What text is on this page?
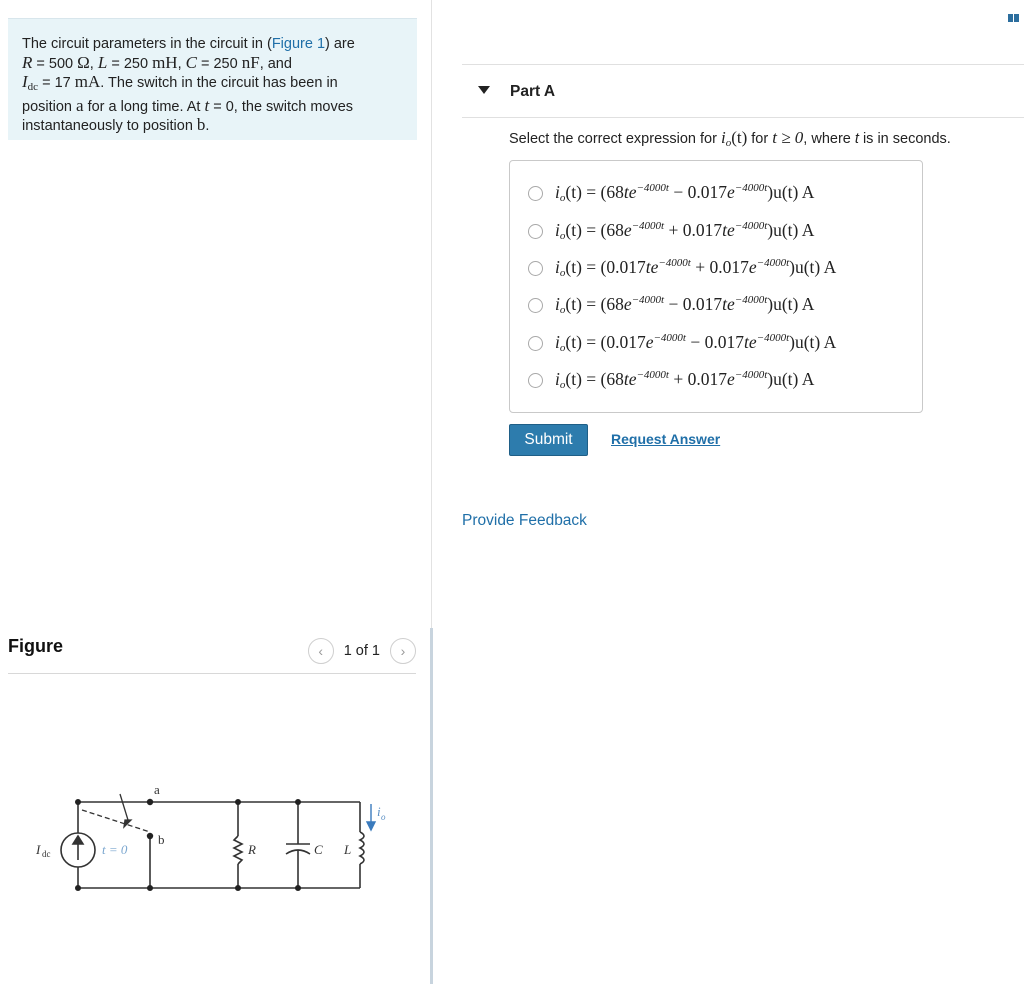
The circuit parameters in the circuit in (Figure 1) are
R = 500 Ω, L = 250 mH, C = 250 nF, and
$I_{dc} = 17$ mA. The switch in the circuit has been in
position a for a long time. At t = 0, the switch moves
instantaneously to position b.
Figure	‹ 1 of 1 ›
a
b
I dc	t = 0	R	C L
i o
Part A
Select the correct expression for $i_o(t)$ for t ≥ 0, where t is in seconds.
$io(t) = (68te^{-4000t} - 0.017e^{-4000t})u(t)$ A
$io(t) = (68e^{-4000t} + 0.017te^{-4000t})u(t)$ A
$io(t) = (0.017te^{-4000t} + 0.017e^{-4000t})u(t)$ A
$io(t) = (68e^{-4000t} - 0.017te^{-4000t})u(t)$ A
$io(t) = (0.017e^{-4000t} - 0.017te^{-4000t})u(t)$ A
$io(t) = (68te^{-4000t} + 0.017e^{-4000t})u(t)$ A
Submit	Request Answer
Provide Feedback
